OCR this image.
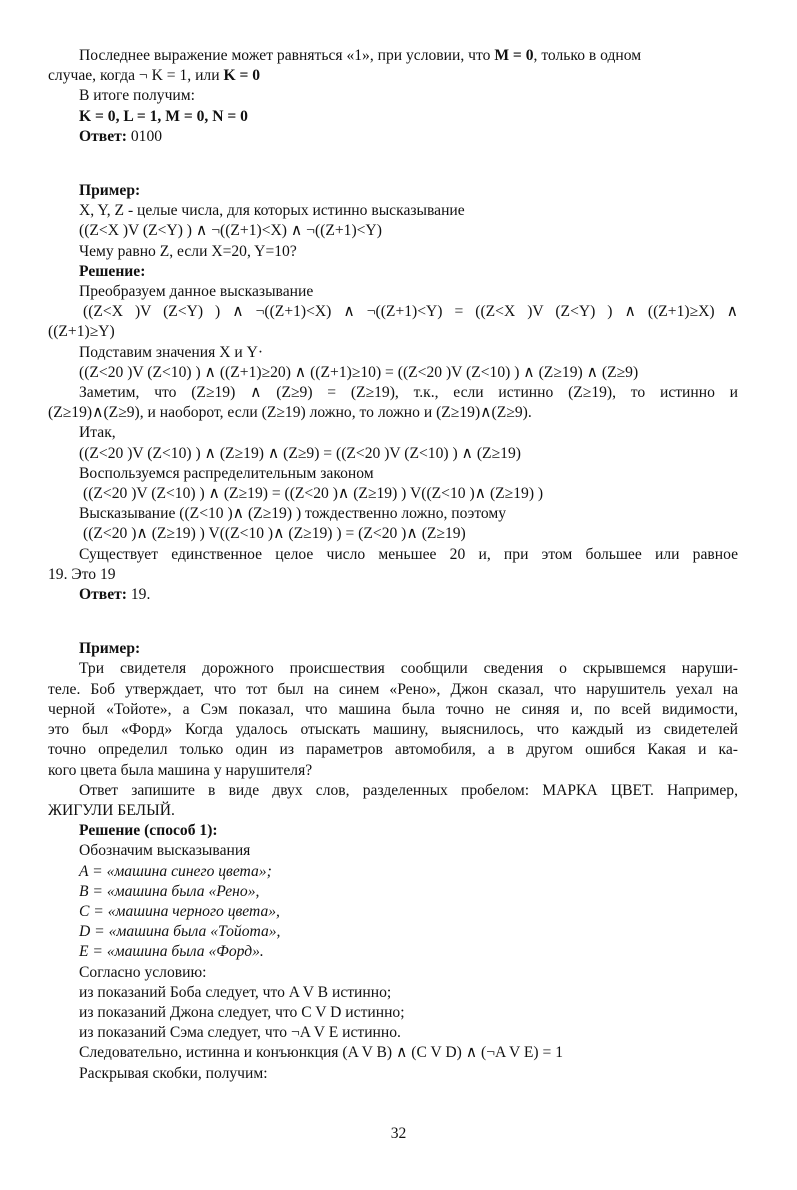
Последнее выражение может равняться «1», при условии, что M = 0, только в одном

случае, когда ¬ K = 1, или K = 0

В итоге получим:

K = 0, L = 1, M = 0, N = 0

Ответ: 0100

Пример:

X, Y, Z - целые числа, для которых истинно высказывание

((Z<X )V (Z<Y) ) ∧ ¬((Z+1)<X) ∧ ¬((Z+1)<Y)

Чему равно Z, если X=20, Y=10?

Решение:

Преобразуем данное высказывание

((Z<X )V (Z<Y) ) ∧ ¬((Z+1)<X) ∧ ¬((Z+1)<Y) = ((Z<X )V (Z<Y) ) ∧ ((Z+1)≥X) ∧

((Z+1)≥Y)

Подставим значения X и Y·

((Z<20 )V (Z<10) ) ∧ ((Z+1)≥20) ∧ ((Z+1)≥10) = ((Z<20 )V (Z<10) ) ∧ (Z≥19) ∧ (Z≥9)

Заметим, что (Z≥19) ∧ (Z≥9) = (Z≥19), т.к., если истинно (Z≥19), то истинно и

(Z≥19)∧(Z≥9), и наоборот, если (Z≥19) ложно, то ложно и (Z≥19)∧(Z≥9).

Итак,

((Z<20 )V (Z<10) ) ∧ (Z≥19) ∧ (Z≥9) = ((Z<20 )V (Z<10) ) ∧ (Z≥19)

Воспользуемся распределительным законом

((Z<20 )V (Z<10) ) ∧ (Z≥19) = ((Z<20 )∧ (Z≥19) ) V((Z<10 )∧ (Z≥19) )

Высказывание ((Z<10 )∧ (Z≥19) ) тождественно ложно, поэтому

((Z<20 )∧ (Z≥19) ) V((Z<10 )∧ (Z≥19) ) = (Z<20 )∧ (Z≥19)

Существует единственное целое число меньшее 20 и, при этом большее или равное

19. Это 19

Ответ: 19.

Пример:

Три свидетеля дорожного происшествия сообщили сведения о скрывшемся наруши-

теле. Боб утверждает, что тот был на синем «Рено», Джон сказал, что нарушитель уехал на

черной «Тойоте», а Сэм показал, что машина была точно не синяя и, по всей видимости,

это был «Форд» Когда удалось отыскать машину, выяснилось, что каждый из свидетелей

точно определил только один из параметров автомобиля, а в другом ошибся Какая и ка-

кого цвета была машина у нарушителя?

Ответ запишите в виде двух слов, разделенных пробелом: МАРКА ЦВЕТ. Например,

ЖИГУЛИ БЕЛЫЙ.

Решение (способ 1):

Обозначим высказывания

A = «машина синего цвета»;

B = «машина была «Рено»,

C = «машина черного цвета»,

D = «машина была «Тойота»,

E = «машина была «Форд».

Согласно условию:

из показаний Боба следует, что A V B истинно;

из показаний Джона следует, что C V D истинно;

из показаний Сэма следует, что ¬A V E истинно.

Следовательно, истинна и конъюнкция (A V B) ∧ (C V D) ∧ (¬A V E) = 1

Раскрывая скобки, получим:

32
